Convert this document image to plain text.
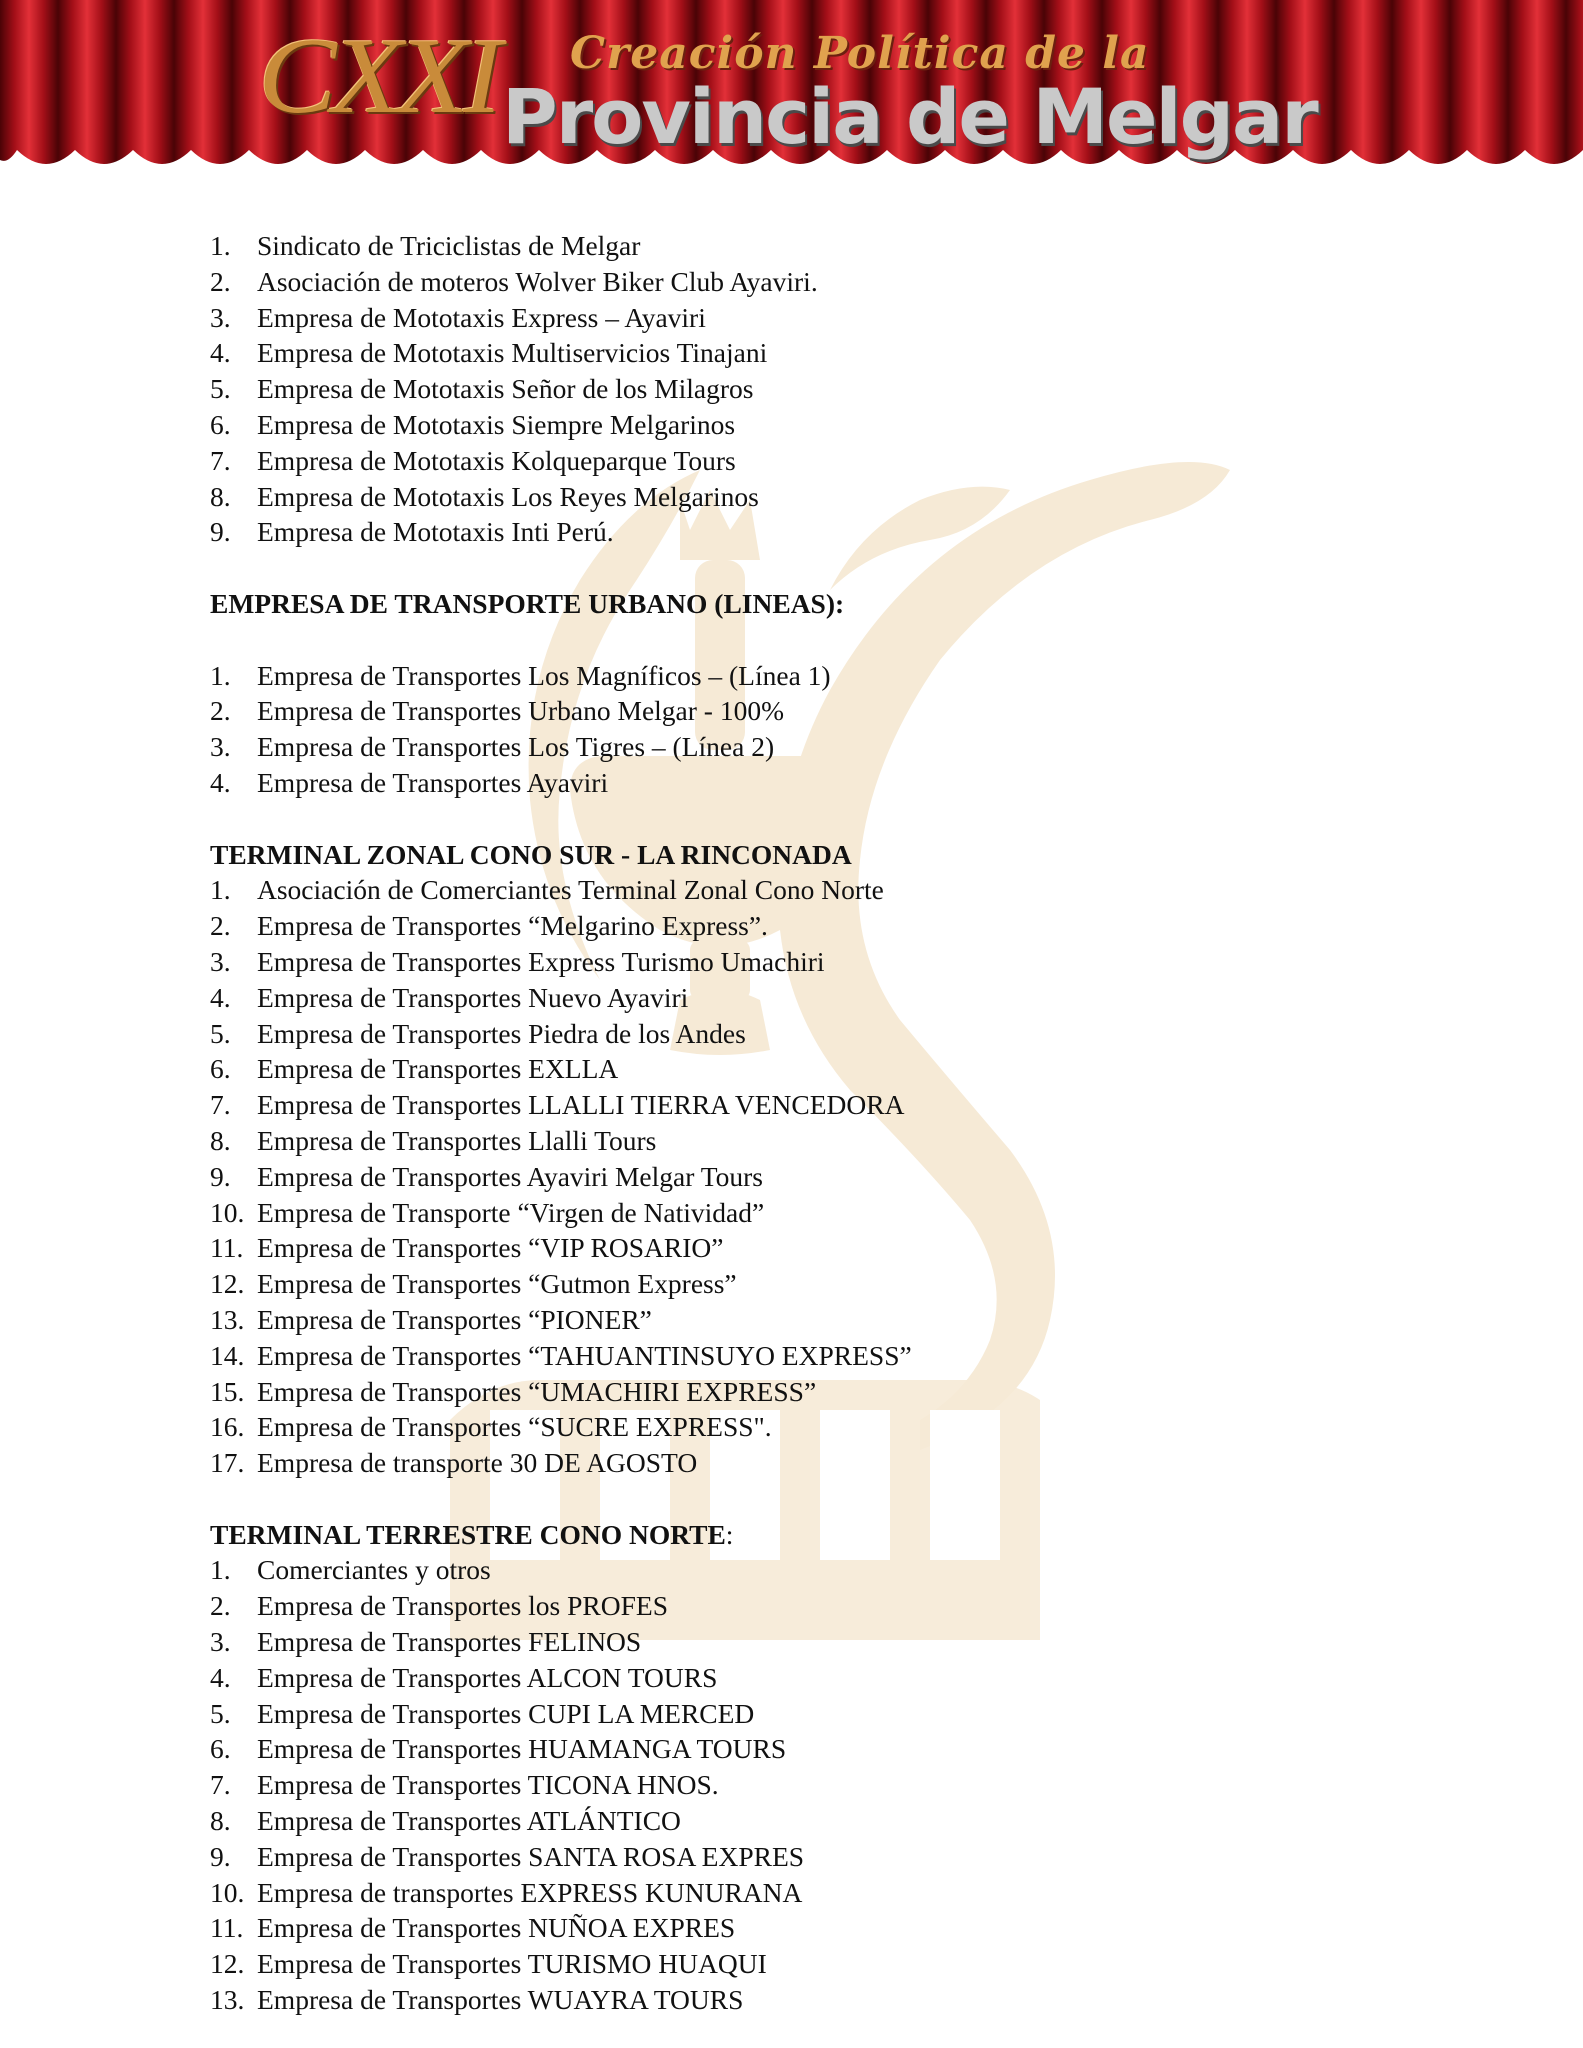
CXXI Creación Política de la
Provincia de Melgar
1. Sindicato de Triciclistas de Melgar
2. Asociación de moteros Wolver Biker Club Ayaviri.
3. Empresa de Mototaxis Express – Ayaviri
4. Empresa de Mototaxis Multiservicios Tinajani
5. Empresa de Mototaxis Señor de los Milagros
6. Empresa de Mototaxis Siempre Melgarinos
7. Empresa de Mototaxis Kolqueparque Tours
8. Empresa de Mototaxis Los Reyes Melgarinos
9. Empresa de Mototaxis Inti Perú.

EMPRESA DE TRANSPORTE URBANO (LINEAS):

1. Empresa de Transportes Los Magníficos – (Línea 1)
2. Empresa de Transportes Urbano Melgar - 100%
3. Empresa de Transportes Los Tigres – (Línea 2)
4. Empresa de Transportes Ayaviri

TERMINAL ZONAL CONO SUR - LA RINCONADA

1. Asociación de Comerciantes Terminal Zonal Cono Norte
2. Empresa de Transportes “Melgarino Express”.
3. Empresa de Transportes Express Turismo Umachiri
4. Empresa de Transportes Nuevo Ayaviri
5. Empresa de Transportes Piedra de los Andes
6. Empresa de Transportes EXLLA
7. Empresa de Transportes LLALLI TIERRA VENCEDORA
8. Empresa de Transportes Llalli Tours
9. Empresa de Transportes Ayaviri Melgar Tours
10. Empresa de Transporte “Virgen de Natividad”
11. Empresa de Transportes “VIP ROSARIO”
12. Empresa de Transportes “Gutmon Express”
13. Empresa de Transportes “PIONER”
14. Empresa de Transportes “TAHUANTINSUYO EXPRESS”
15. Empresa de Transportes “UMACHIRI EXPRESS”
16. Empresa de Transportes “SUCRE EXPRESS".
17. Empresa de transporte 30 DE AGOSTO

TERMINAL TERRESTRE CONO NORTE:

1. Comerciantes y otros
2. Empresa de Transportes los PROFES
3. Empresa de Transportes FELINOS
4. Empresa de Transportes ALCON TOURS
5. Empresa de Transportes CUPI LA MERCED
6. Empresa de Transportes HUAMANGA TOURS
7. Empresa de Transportes TICONA HNOS.
8. Empresa de Transportes ATLÁNTICO
9. Empresa de Transportes SANTA ROSA EXPRES
10. Empresa de transportes EXPRESS KUNURANA
11. Empresa de Transportes NUÑOA EXPRES
12. Empresa de Transportes TURISMO HUAQUI
13. Empresa de Transportes WUAYRA TOURS
